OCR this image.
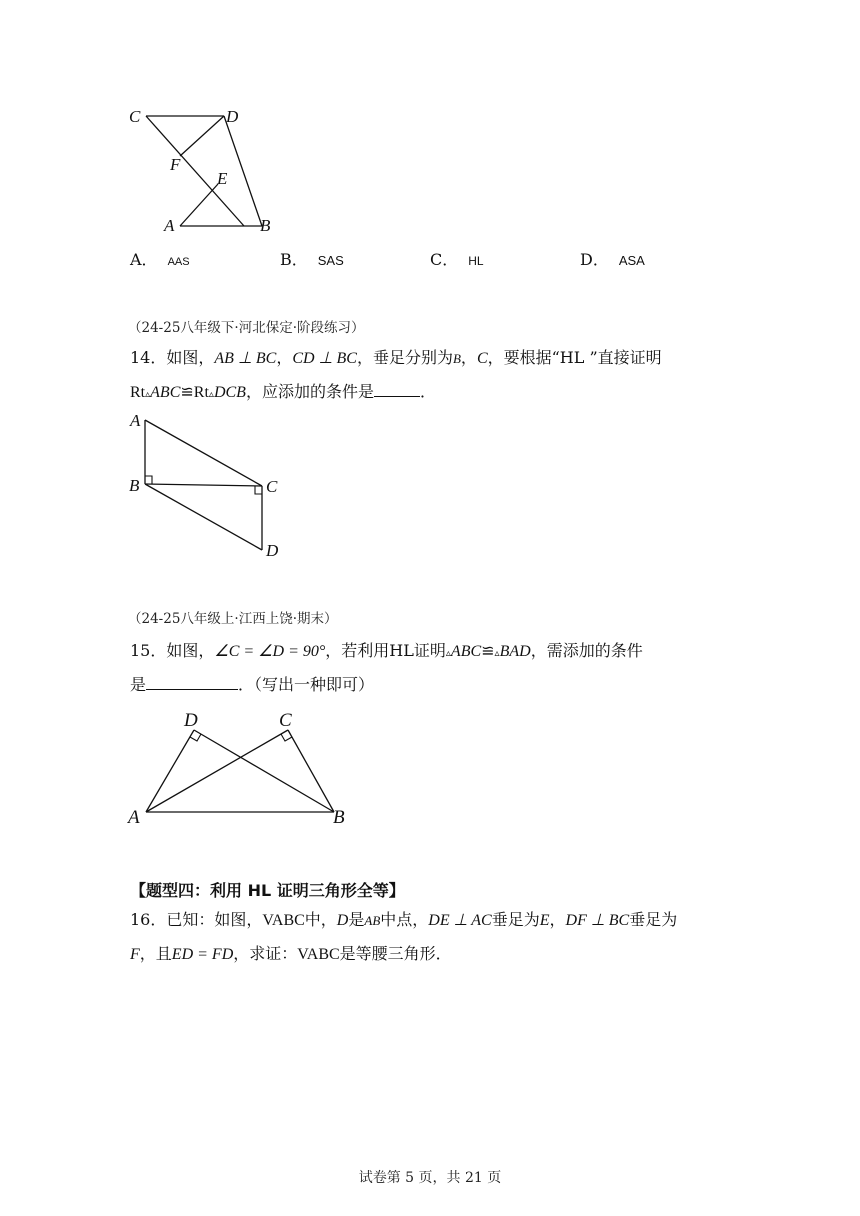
C	D
F
E
A	B
A． AAS	B． SAS	C． HL	D． ASA
（24-25八年级下·河北保定·阶段练习）
14．如图，AB ⊥ BC，CD ⊥ BC，垂足分别为B，C，要根据“HL ”直接证明
Rt▵ABC≌Rt▵DCB，应添加的条件是	．
A
B	C
D
（24-25八年级上·江西上饶·期末）
15．如图，∠C = ∠D = 90°，若利用HL证明▵ABC≌▵BAD，需添加的条件
是	．（写出一种即可）
D	C
A	B
【题型四：利用 HL 证明三角形全等】
16．已知：如图，VABC中，D是AB中点，DE ⊥ AC垂足为E，DF ⊥ BC垂足为
F，且ED = FD，求证：VABC是等腰三角形．
试卷第 5 页，共 21 页
